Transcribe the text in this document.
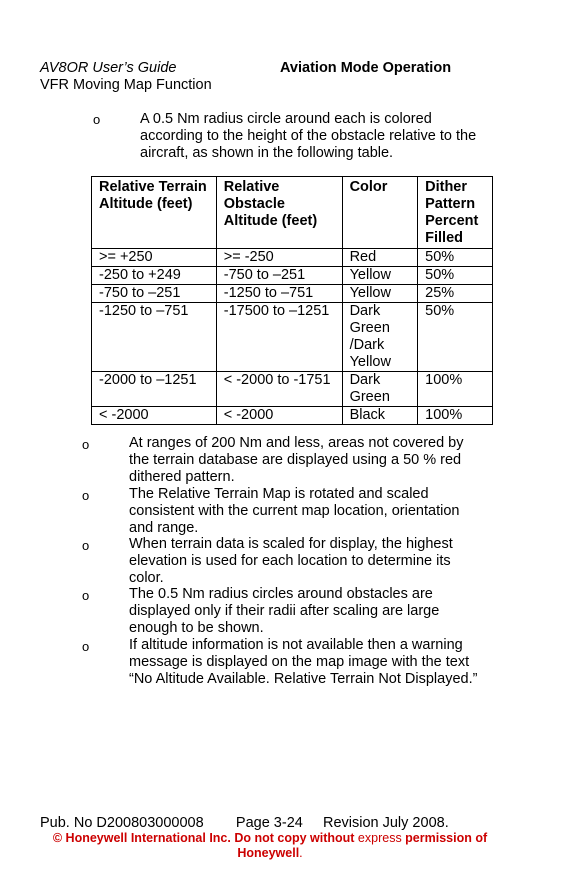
AV8OR User’s Guide
VFR Moving Map Function
Aviation Mode Operation
o	A 0.5 Nm radius circle around each is colored according to the height of the obstacle relative to the aircraft, as shown in the following table.
Relative Terrain Altitude (feet)	Relative Obstacle Altitude (feet)	Color	Dither Pattern Percent Filled
>= +250	>= -250	Red	50%
-250 to +249	-750 to –251	Yellow	50%
-750 to –251	-1250 to –751	Yellow	25%
-1250 to –751	-17500 to –1251	Dark Green /Dark Yellow	50%
-2000 to –1251	< -2000 to -1751	Dark Green	100%
< -2000	< -2000	Black	100%
o	At ranges of 200 Nm and less, areas not covered by the terrain database are displayed using a 50 % red dithered pattern.
o	The Relative Terrain Map is rotated and scaled consistent with the current map location, orientation and range.
o	When terrain data is scaled for display, the highest elevation is used for each location to determine its color.
o	The 0.5 Nm radius circles around obstacles are displayed only if their radii after scaling are large enough to be shown.
o	If altitude information is not available then a warning message is displayed on the map image with the text “No Altitude Available. Relative Terrain Not Displayed.”
Pub. No D200803000008 Page 3-24 Revision July 2008.
© Honeywell International Inc. Do not copy without express permission of Honeywell.
